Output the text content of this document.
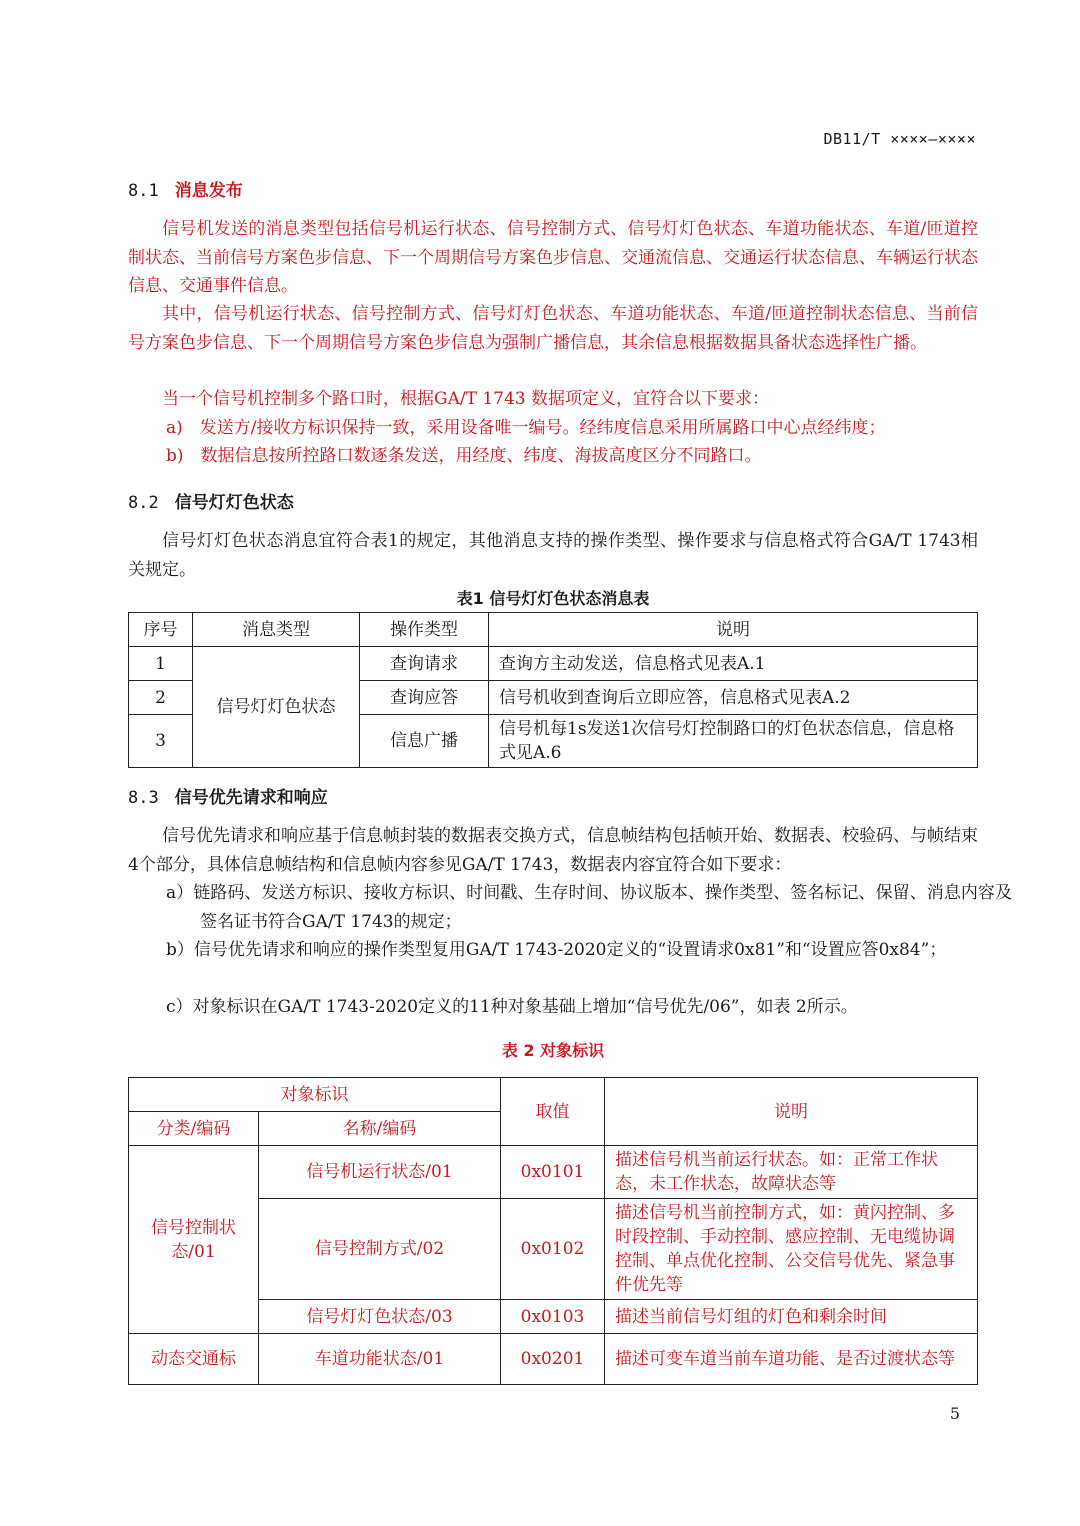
DB11/T ××××—××××
8.1 消息发布

信号机发送的消息类型包括信号机运行状态、信号控制方式、信号灯灯色状态、车道功能状态、车道/匝道控制状态、当前信号方案色步信息、下一个周期信号方案色步信息、交通流信息、交通运行状态信息、车辆运行状态信息、交通事件信息。

其中，信号机运行状态、信号控制方式、信号灯灯色状态、车道功能状态、车道/匝道控制状态信息、当前信号方案色步信息、下一个周期信号方案色步信息为强制广播信息，其余信息根据数据具备状态选择性广播。

当一个信号机控制多个路口时，根据GA/T 1743 数据项定义，宜符合以下要求：

a)　发送方/接收方标识保持一致，采用设备唯一编号。经纬度信息采用所属路口中心点经纬度；

b)　数据信息按所控路口数逐条发送，用经度、纬度、海拔高度区分不同路口。

8.2 信号灯灯色状态

信号灯灯色状态消息宜符合表1的规定，其他消息支持的操作类型、操作要求与信息格式符合GA/T 1743相关规定。

表1 信号灯灯色状态消息表
序号	消息类型	操作类型	说明
1	信号灯灯色状态	查询请求	查询方主动发送，信息格式见表A.1
2		查询应答	信号机收到查询后立即应答，信息格式见表A.2
3		信息广播	信号机每1s发送1次信号灯控制路口的灯色状态信息，信息格式见A.6
8.3 信号优先请求和响应

信号优先请求和响应基于信息帧封装的数据表交换方式，信息帧结构包括帧开始、数据表、校验码、与帧结束4个部分，具体信息帧结构和信息帧内容参见GA/T 1743，数据表内容宜符合如下要求：

a）链路码、发送方标识、接收方标识、时间戳、生存时间、协议版本、操作类型、签名标记、保留、消息内容及签名证书符合GA/T 1743的规定；

b）信号优先请求和响应的操作类型复用GA/T 1743-2020定义的“设置请求0x81”和“设置应答0x84”；

c）对象标识在GA/T 1743-2020定义的11种对象基础上增加“信号优先/06”，如表 2所示。

表 2 对象标识
对象标识		取值	说明
分类/编码	名称/编码		
信号控制状态/01	信号机运行状态/01	0x0101	描述信号机当前运行状态。如：正常工作状态，未工作状态，故障状态等
	信号控制方式/02	0x0102	描述信号机当前控制方式，如：黄闪控制、多时段控制、手动控制、感应控制、无电缆协调控制、单点优化控制、公交信号优先、紧急事件优先等
	信号灯灯色状态/03	0x0103	描述当前信号灯组的灯色和剩余时间
动态交通标	车道功能状态/01	0x0201	描述可变车道当前车道功能、是否过渡状态等
5
